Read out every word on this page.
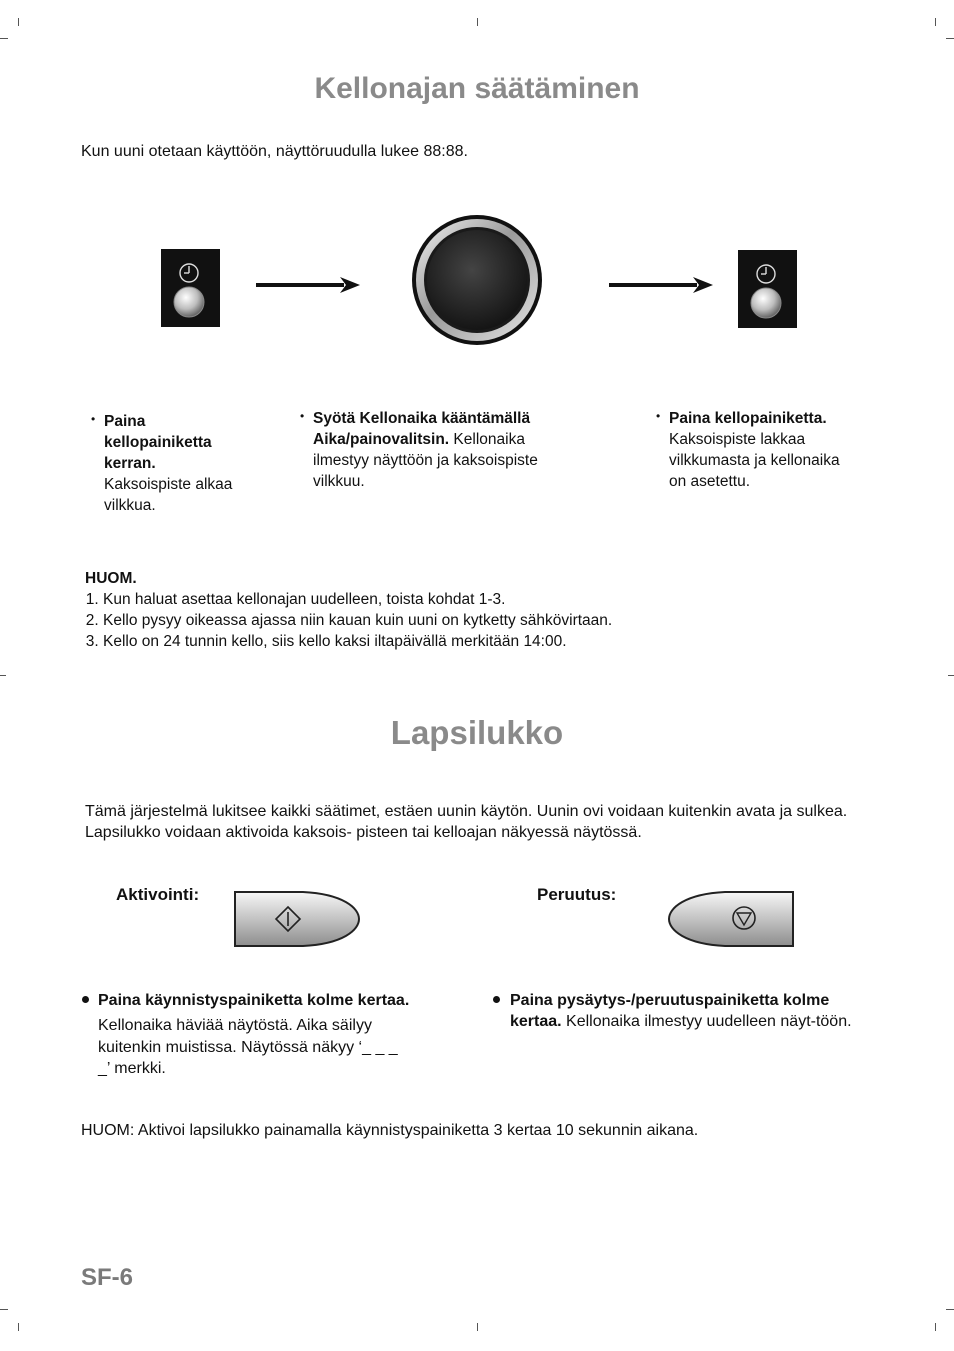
Kellonajan säätäminen
Kun uuni otetaan käyttöön, näyttöruudulla lukee 88:88.
• Paina kellopainiketta kerran.
Kaksoispiste alkaa vilkkua.
• Syötä Kellonaika kääntämällä Aika/painovalitsin. Kellonaika ilmestyy näyttöön ja kaksoispiste vilkkuu.
• Paina kellopainiketta.
Kaksoispiste lakkaa vilkkumasta ja kellonaika on asetettu.
HUOM.
1. Kun haluat asettaa kellonajan uudelleen, toista kohdat 1-3.
2. Kello pysyy oikeassa ajassa niin kauan kuin uuni on kytketty sähkövirtaan.
3. Kello on 24 tunnin kello, siis kello kaksi iltapäivällä merkitään 14:00.
Lapsilukko
Tämä järjestelmä lukitsee kaikki säätimet, estäen uunin käytön. Uunin ovi voidaan kuitenkin avata ja sulkea. Lapsilukko voidaan aktivoida kaksois- pisteen tai kelloajan näkyessä näytössä.
Aktivointi:	Peruutus:
Paina käynnistyspainiketta kolme kertaa.
Kellonaika häviää näytöstä. Aika säilyy kuitenkin muistissa. Näytössä näkyy ‘_ _ _ _’ merkki.
Paina pysäytys-/peruutuspainiketta kolme kertaa. Kellonaika ilmestyy uudelleen näyt-töön.
HUOM: Aktivoi lapsilukko painamalla käynnistyspainiketta 3 kertaa 10 sekunnin aikana.
SF-6
